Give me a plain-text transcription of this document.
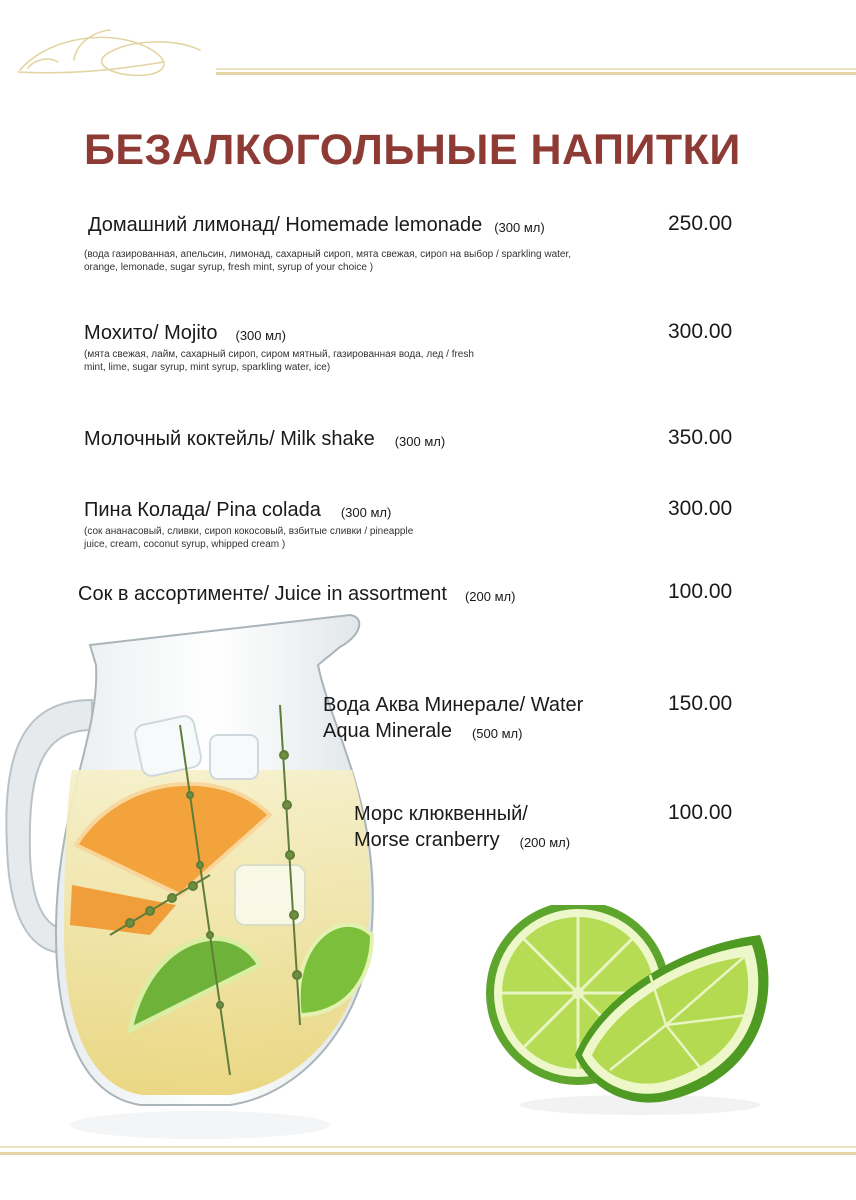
БЕЗАЛКОГОЛЬНЫЕ НАПИТКИ
Домашний лимонад/ Homemade lemonade (300 мл)	250.00
(вода газированная, апельсин, лимонад, сахарный сироп, мята свежая, сироп на выбор / sparkling water,
orange, lemonade, sugar syrup, fresh mint, syrup of your choice )
Мохито/ Mojito (300 мл)	300.00
(мята свежая, лайм, сахарный сироп, сиром мятный, газированная вода, лед / fresh
mint, lime, sugar syrup, mint syrup, sparkling water, ice)
Молочный коктейль/ Milk shake (300 мл)	350.00
Пина Колада/ Pina colada (300 мл)	300.00
(сок ананасовый, сливки, сироп кокосовый, взбитые сливки / pineapple
juice, cream, coconut syrup, whipped cream )
Сок в ассортименте/ Juice in assortment (200 мл)	100.00
Вода Аква Минерале/ Water
Aqua Minerale (500 мл)
150.00
Морс клюквенный/
Morse cranberry (200 мл)
100.00
